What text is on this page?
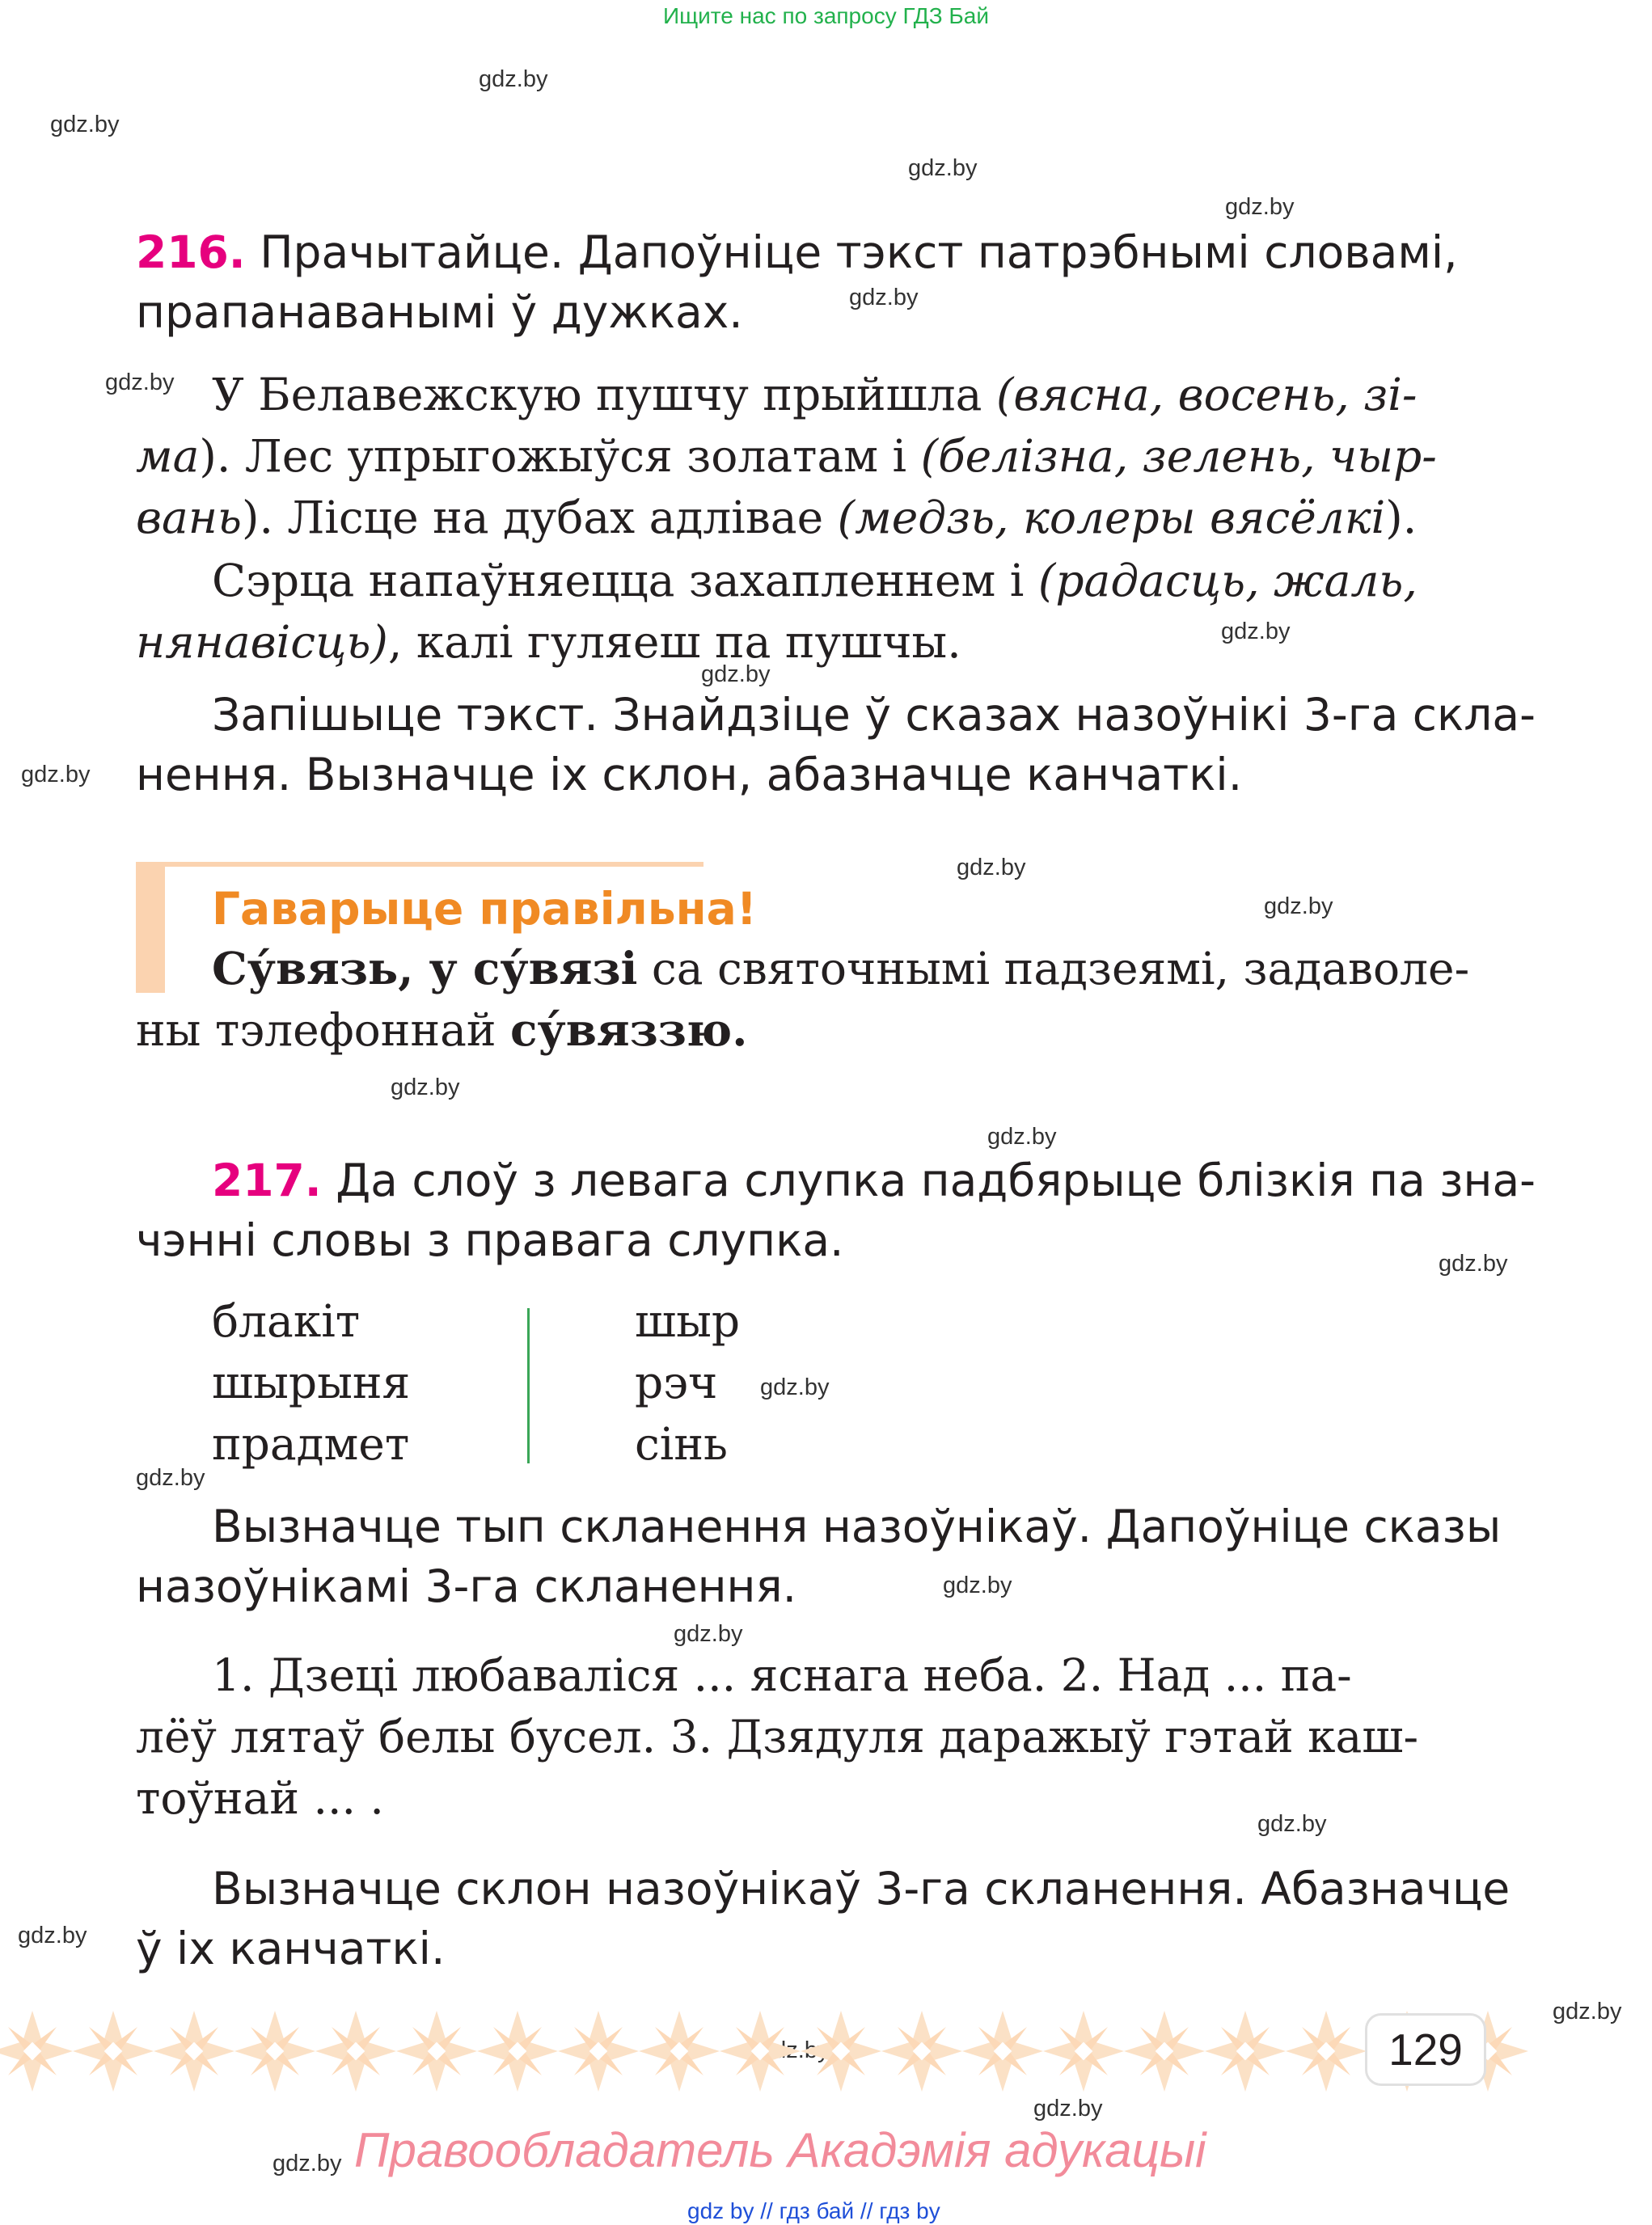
Ищите нас по запросу ГДЗ Бай
gdz.by
gdz.by
gdz.by
gdz.by
gdz.by
gdz.by
gdz.by
gdz.by
gdz.by
gdz.by
gdz.by
gdz.by
gdz.by
gdz.by
gdz.by
gdz.by
gdz.by
gdz.by
gdz.by
gdz.by
gdz.by
gdz.by
gdz.by
216. Прачытайце. Дапоўніце тэкст патрэбнымі словамі,
прапанаванымі ў дужках.
У Белавежскую пушчу прыйшла (вясна, восень, зі-
ма). Лес упрыгожыўся золатам і (белізна, зелень, чыр-
вань). Лісце на дубах адлівае (медзь, колеры вясёлкі).
Сэрца напаўняецца захапленнем і (радасць, жаль,
нянавісць), калі гуляеш па пушчы.
Запішыце тэкст. Знайдзіце ў сказах назоўнікі 3-га скла-
нення. Вызначце іх склон, абазначце канчаткі.
Гаварыце правільна!
Су́вязь, у су́вязі са святочнымі падзеямі, задаволе-
ны тэлефоннай су́вяззю.
217. Да слоў з левага слупка падбярыце блізкія па зна-
чэнні словы з правага слупка.
блакіт
шырыня
прадмет
шыр
рэч
сінь
Вызначце тып скланення назоўнікаў. Дапоўніце сказы
назоўнікамі 3-га скланення.
1. Дзеці любаваліся ... яснага неба. 2. Над ... па-
лёў лятаў белы бусел. 3. Дзядуля даражыў гэтай каш-
тоўнай ... .
Вызначце склон назоўнікаў 3-га скланення. Абазначце
ў іх канчаткі.
129
Правообладатель Акадэмія адукацыі
gdz by // гдз бай // гдз by
